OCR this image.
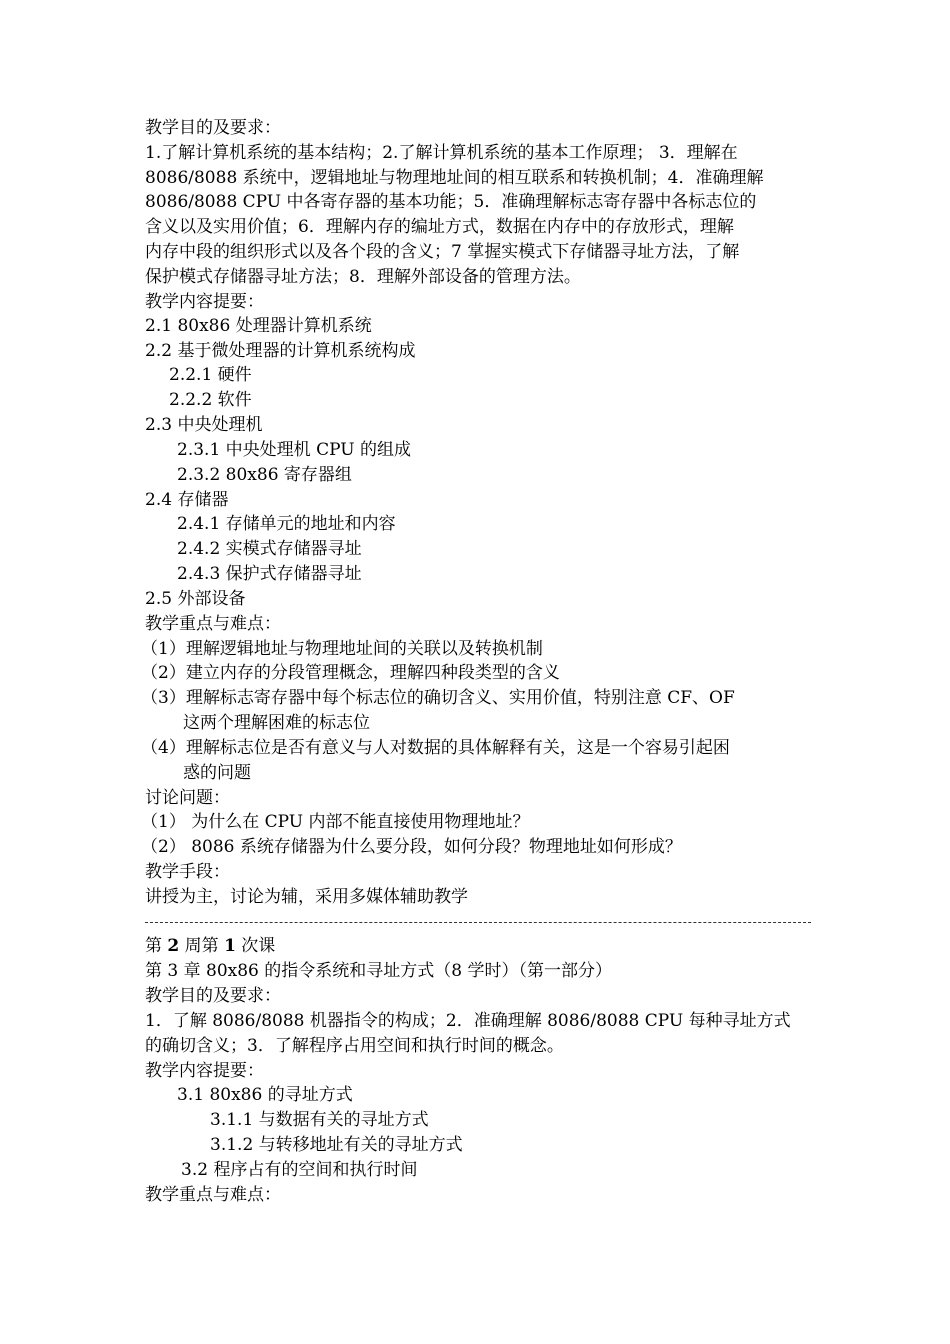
教学目的及要求：
1.了解计算机系统的基本结构；2.了解计算机系统的基本工作原理； 3．理解在
8086/8088 系统中，逻辑地址与物理地址间的相互联系和转换机制；4．准确理解
8086/8088 CPU 中各寄存器的基本功能；5．准确理解标志寄存器中各标志位的
含义以及实用价值；6．理解内存的编址方式，数据在内存中的存放形式，理解
内存中段的组织形式以及各个段的含义；7 掌握实模式下存储器寻址方法，了解
保护模式存储器寻址方法；8．理解外部设备的管理方法。
教学内容提要：
2.1 80x86 处理器计算机系统
2.2 基于微处理器的计算机系统构成
2.2.1 硬件
2.2.2 软件
2.3 中央处理机
2.3.1 中央处理机 CPU 的组成
2.3.2 80x86 寄存器组
2.4 存储器
2.4.1 存储单元的地址和内容
2.4.2 实模式存储器寻址
2.4.3 保护式存储器寻址
2.5 外部设备
教学重点与难点：
（1）理解逻辑地址与物理地址间的关联以及转换机制
（2）建立内存的分段管理概念，理解四种段类型的含义
（3）理解标志寄存器中每个标志位的确切含义、实用价值，特别注意 CF、OF
这两个理解困难的标志位
（4）理解标志位是否有意义与人对数据的具体解释有关，这是一个容易引起困
惑的问题
讨论问题：
（1） 为什么在 CPU 内部不能直接使用物理地址？
（2） 8086 系统存储器为什么要分段，如何分段？物理地址如何形成？
教学手段：
讲授为主，讨论为辅，采用多媒体辅助教学
第 2 周第 1 次课
第 3 章 80x86 的指令系统和寻址方式（8 学时）（第一部分）
教学目的及要求：
1．了解 8086/8088 机器指令的构成；2．准确理解 8086/8088 CPU 每种寻址方式
的确切含义；3．了解程序占用空间和执行时间的概念。
教学内容提要：
3.1 80x86 的寻址方式
3.1.1 与数据有关的寻址方式
3.1.2 与转移地址有关的寻址方式
3.2 程序占有的空间和执行时间
教学重点与难点：
